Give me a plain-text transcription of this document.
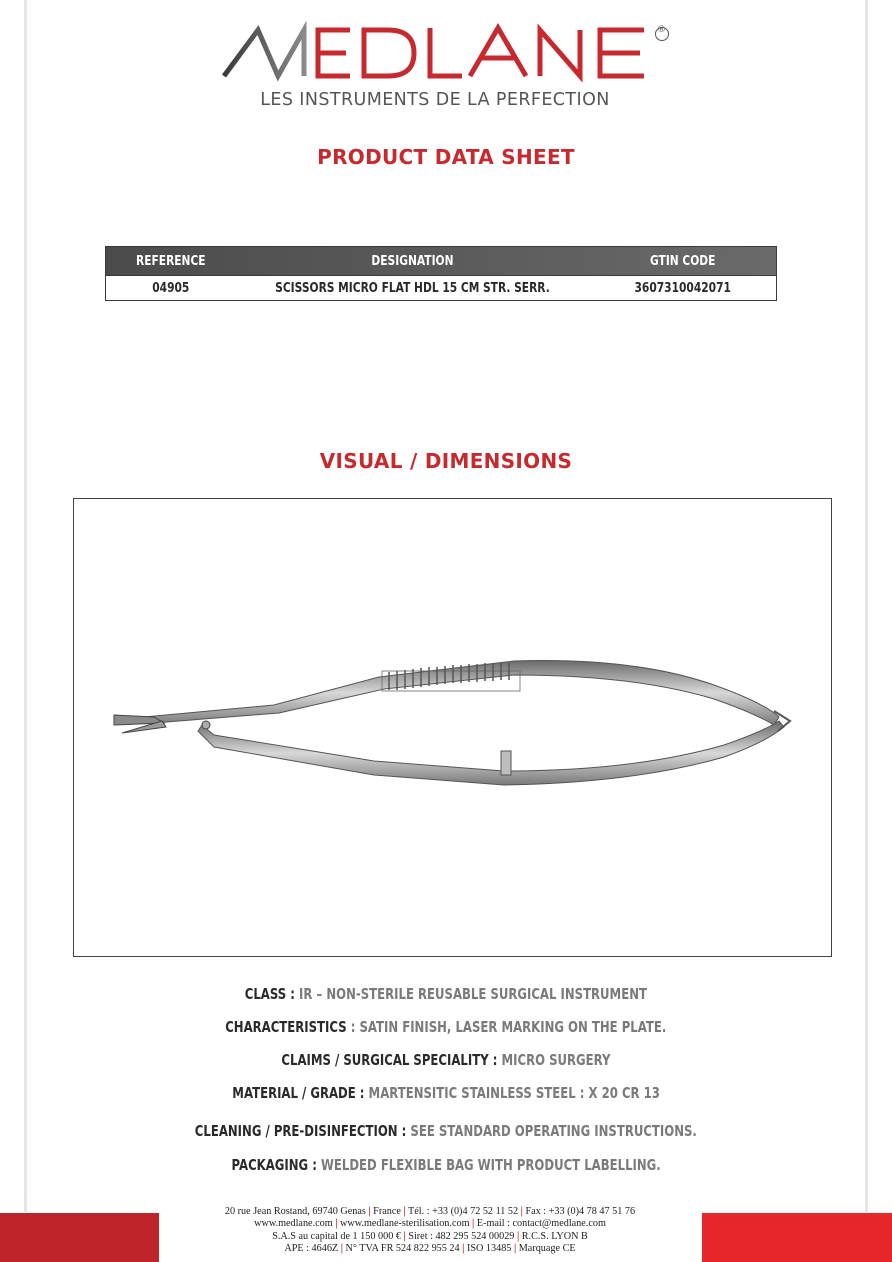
®
LES INSTRUMENTS DE LA PERFECTION
PRODUCT DATA SHEET
REFERENCE	DESIGNATION	GTIN CODE
04905	SCISSORS MICRO FLAT HDL 15 CM STR. SERR.	3607310042071
VISUAL / DIMENSIONS
CLASS : IR – NON-STERILE REUSABLE SURGICAL INSTRUMENT
CHARACTERISTICS : SATIN FINISH, LASER MARKING ON THE PLATE.
CLAIMS / SURGICAL SPECIALITY : MICRO SURGERY
MATERIAL / GRADE : MARTENSITIC STAINLESS STEEL : X 20 CR 13
CLEANING / PRE-DISINFECTION : SEE STANDARD OPERATING INSTRUCTIONS.
PACKAGING : WELDED FLEXIBLE BAG WITH PRODUCT LABELLING.
20 rue Jean Rostand, 69740 Genas | France | Tél. : +33 (0)4 72 52 11 52 | Fax : +33 (0)4 78 47 51 76
www.medlane.com | www.medlane-sterilisation.com | E-mail : contact@medlane.com
S.A.S au capital de 1 150 000 € | Siret : 482 295 524 00029 | R.C.S. LYON B
APE : 4646Z | N° TVA FR 524 822 955 24 | ISO 13485 | Marquage CE
